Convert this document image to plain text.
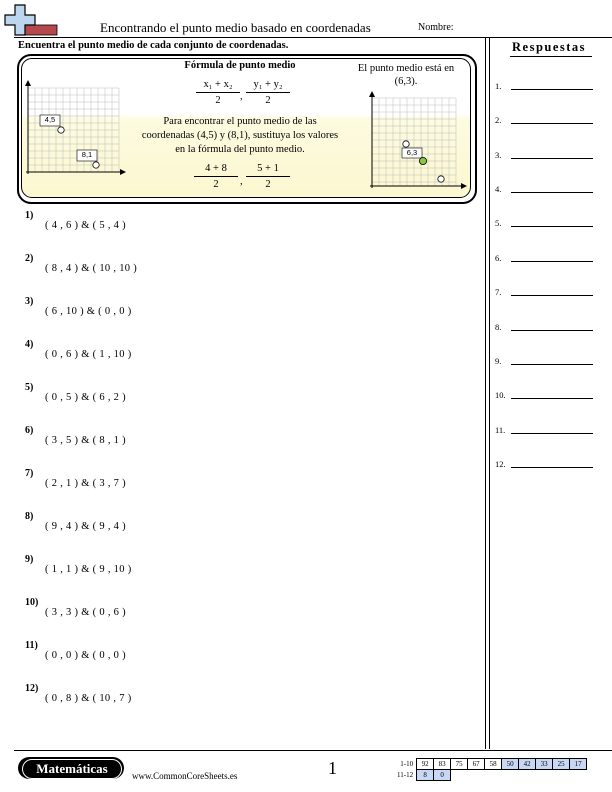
Encontrando el punto medio basado en coordenadas	Nombre:
Encuentra el punto medio de cada conjunto de coordenadas.
4,5
8,1
Fórmula de punto medio
$\frac{\text{x₁ + x₂}}{2}$ , $\frac{\text{y₁ + y₂}}{2}$
Para encontrar el punto medio de las coordenadas (4,5) y (8,1), sustituya los valores en la fórmula del punto medio.
$\frac{4 + 8}{2}$ , $\frac{5 + 1}{2}$
El punto medio está en (6,3).
6,3
1)
( 4 , 6 ) & ( 5 , 4 )
2)
( 8 , 4 ) & ( 10 , 10 )
3)
( 6 , 10 ) & ( 0 , 0 )
4)
( 0 , 6 ) & ( 1 , 10 )
5)
( 0 , 5 ) & ( 6 , 2 )
6)
( 3 , 5 ) & ( 8 , 1 )
7)
( 2 , 1 ) & ( 3 , 7 )
8)
( 9 , 4 ) & ( 9 , 4 )
9)
( 1 , 1 ) & ( 9 , 10 )
10)
( 3 , 3 ) & ( 0 , 6 )
11)
( 0 , 0 ) & ( 0 , 0 )
12)
( 0 , 8 ) & ( 10 , 7 )
Respuestas
1.
2.
3.
4.
5.
6.
7.
8.
9.
10.
11.
12.
Matemáticas	www.CommonCoreSheets.es	1	1-10	92	83	75	67	58	50	42	33	25	17
11-12	8	0								
